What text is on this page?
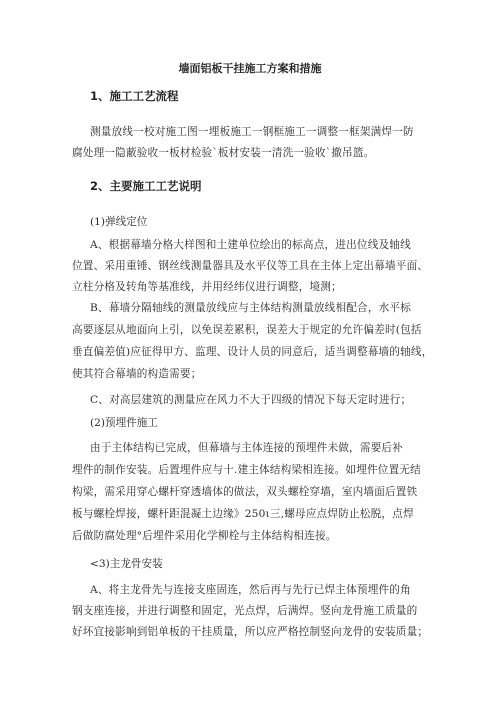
墙面铝板干挂施工方案和措施
1、施工工艺流程
测量放线一校对施工图一埋板施工一钢框施工一调整一框架满焊一防
腐处理一隐蔽验收一板材检验`板材安装一清洗一验收`撤吊篮。
2、主要施工工艺说明
(1)弹线定位
A、根据幕墙分格大样图和土建单位绘出的标高点，进出位线及轴线
位置、采用重锤、钢丝线测量器具及水平仪等工具在主体上定出幕墙平面、
立柱分格及转角等基准线，并用经纬仪进行调整，境测；
B、幕墙分隔轴线的测量放线应与主体结构测量放线相配合，水平标
高要逐层从地面向上引，以免误差累积，误差大于规定的允许偏差时(包括
垂直偏差值)应征得甲方、监理、设计人员的同意后，适当调整幕墙的轴线，
使其符合幕墙的构造需要；
C、对高层建筑的测量应在风力不大于四级的情况下每天定时进行；
(2)预埋件施工
由于主体结构已完成，但幕墙与主体连接的预埋件未做，需要后补
埋件的制作安装。后置埋件应与十.建主体结构梁相连接。如埋件位置无结
构梁，需采用穿心螺杆穿透墙体的做法，双头螺栓穿墙，室内墙面后置铁
板与螺栓焊接，螺杆距混凝土边缘》250ι三,螺母应点焊防止松脱，点焊
后做防腐处理°后埋件采用化学柳栓与主体结构相连接。
<3)主龙骨安装
A、将主龙骨先与连接支座固连，然后再与先行已焊主体预埋件的角
钢支座连接，并进行调整和固定，光点焊，后满焊。竖向龙骨施工质量的
好坏宜接影响到铝单板的干挂质量，所以应严格控制竖向龙骨的安装质量；
